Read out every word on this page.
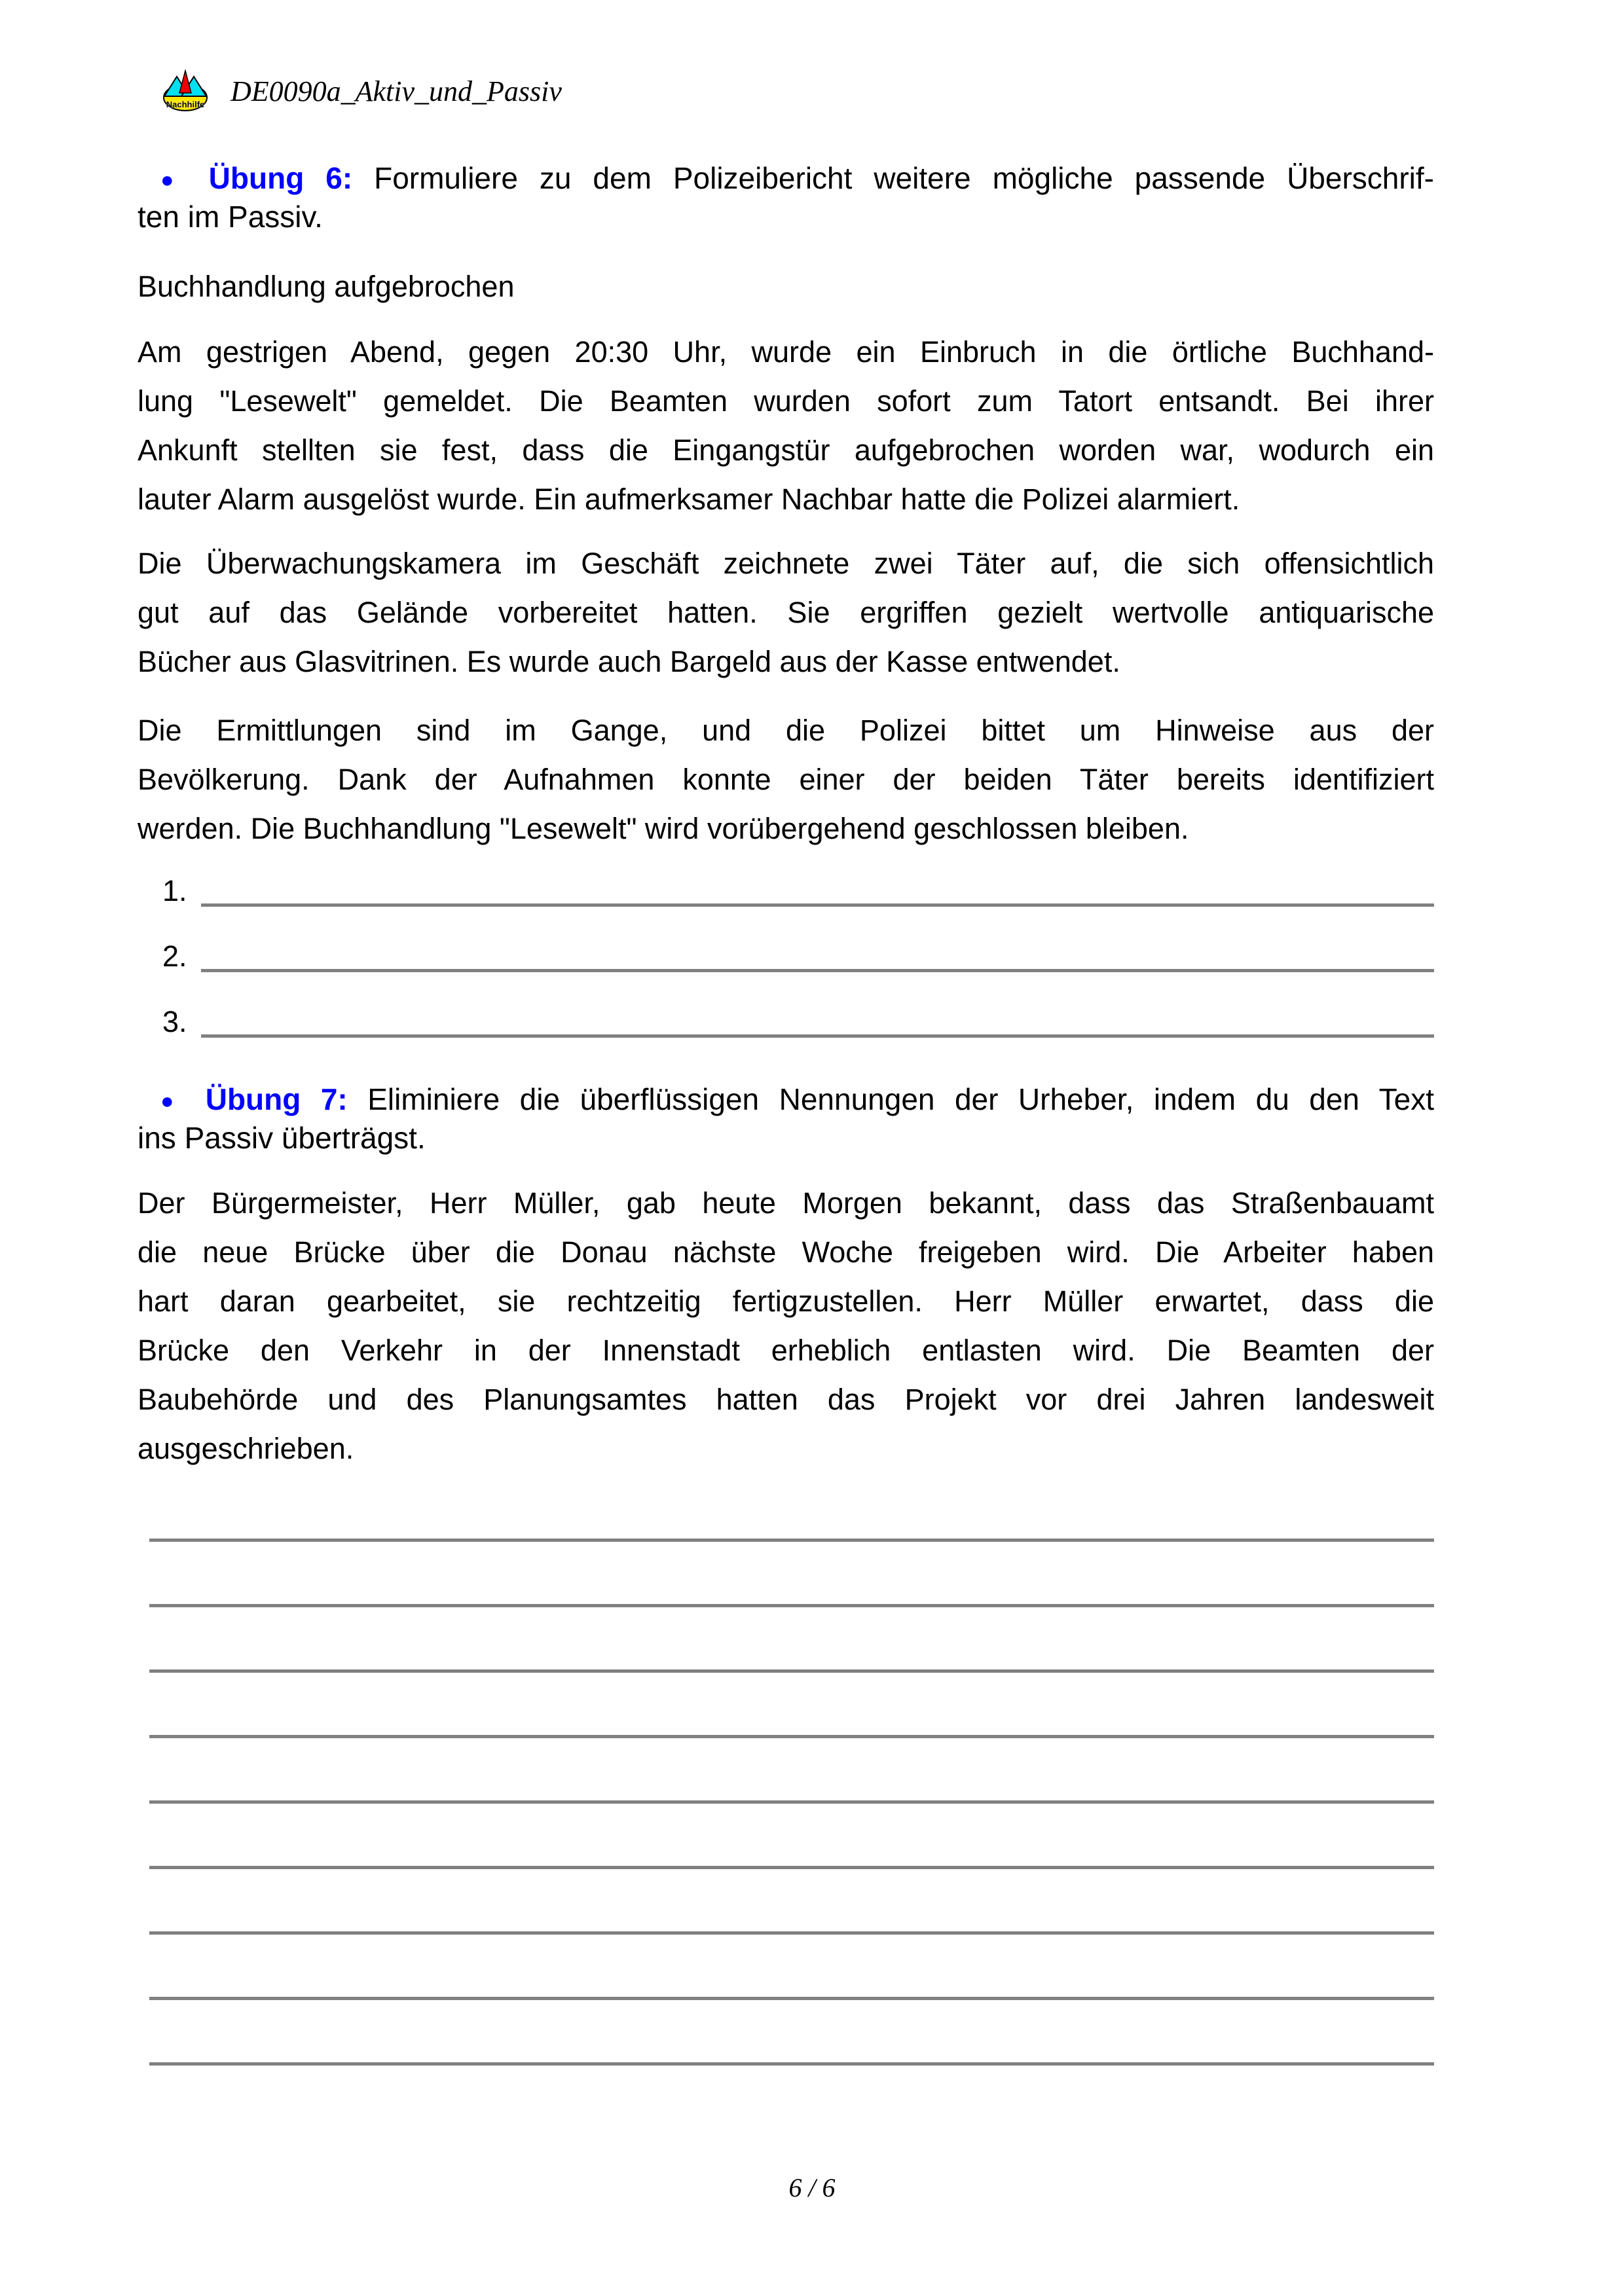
Nachhilfe DE0090a_Aktiv_und_Passiv
● Übung 6: Formuliere zu dem Polizeibericht weitere mögliche passende Überschrif-
ten im Passiv.
Buchhandlung aufgebrochen
Am gestrigen Abend, gegen 20:30 Uhr, wurde ein Einbruch in die örtliche Buchhand-
lung "Lesewelt" gemeldet. Die Beamten wurden sofort zum Tatort entsandt. Bei ihrer
Ankunft stellten sie fest, dass die Eingangstür aufgebrochen worden war, wodurch ein
lauter Alarm ausgelöst wurde. Ein aufmerksamer Nachbar hatte die Polizei alarmiert.
Die Überwachungskamera im Geschäft zeichnete zwei Täter auf, die sich offensichtlich
gut auf das Gelände vorbereitet hatten. Sie ergriffen gezielt wertvolle antiquarische
Bücher aus Glasvitrinen. Es wurde auch Bargeld aus der Kasse entwendet.
Die Ermittlungen sind im Gange, und die Polizei bittet um Hinweise aus der
Bevölkerung. Dank der Aufnahmen konnte einer der beiden Täter bereits identifiziert
werden. Die Buchhandlung "Lesewelt" wird vorübergehend geschlossen bleiben.
1.
2.
3.
● Übung 7: Eliminiere die überflüssigen Nennungen der Urheber, indem du den Text
ins Passiv überträgst.
Der Bürgermeister, Herr Müller, gab heute Morgen bekannt, dass das Straßenbauamt
die neue Brücke über die Donau nächste Woche freigeben wird. Die Arbeiter haben
hart daran gearbeitet, sie rechtzeitig fertigzustellen. Herr Müller erwartet, dass die
Brücke den Verkehr in der Innenstadt erheblich entlasten wird. Die Beamten der
Baubehörde und des Planungsamtes hatten das Projekt vor drei Jahren landesweit
ausgeschrieben.
6 / 6
